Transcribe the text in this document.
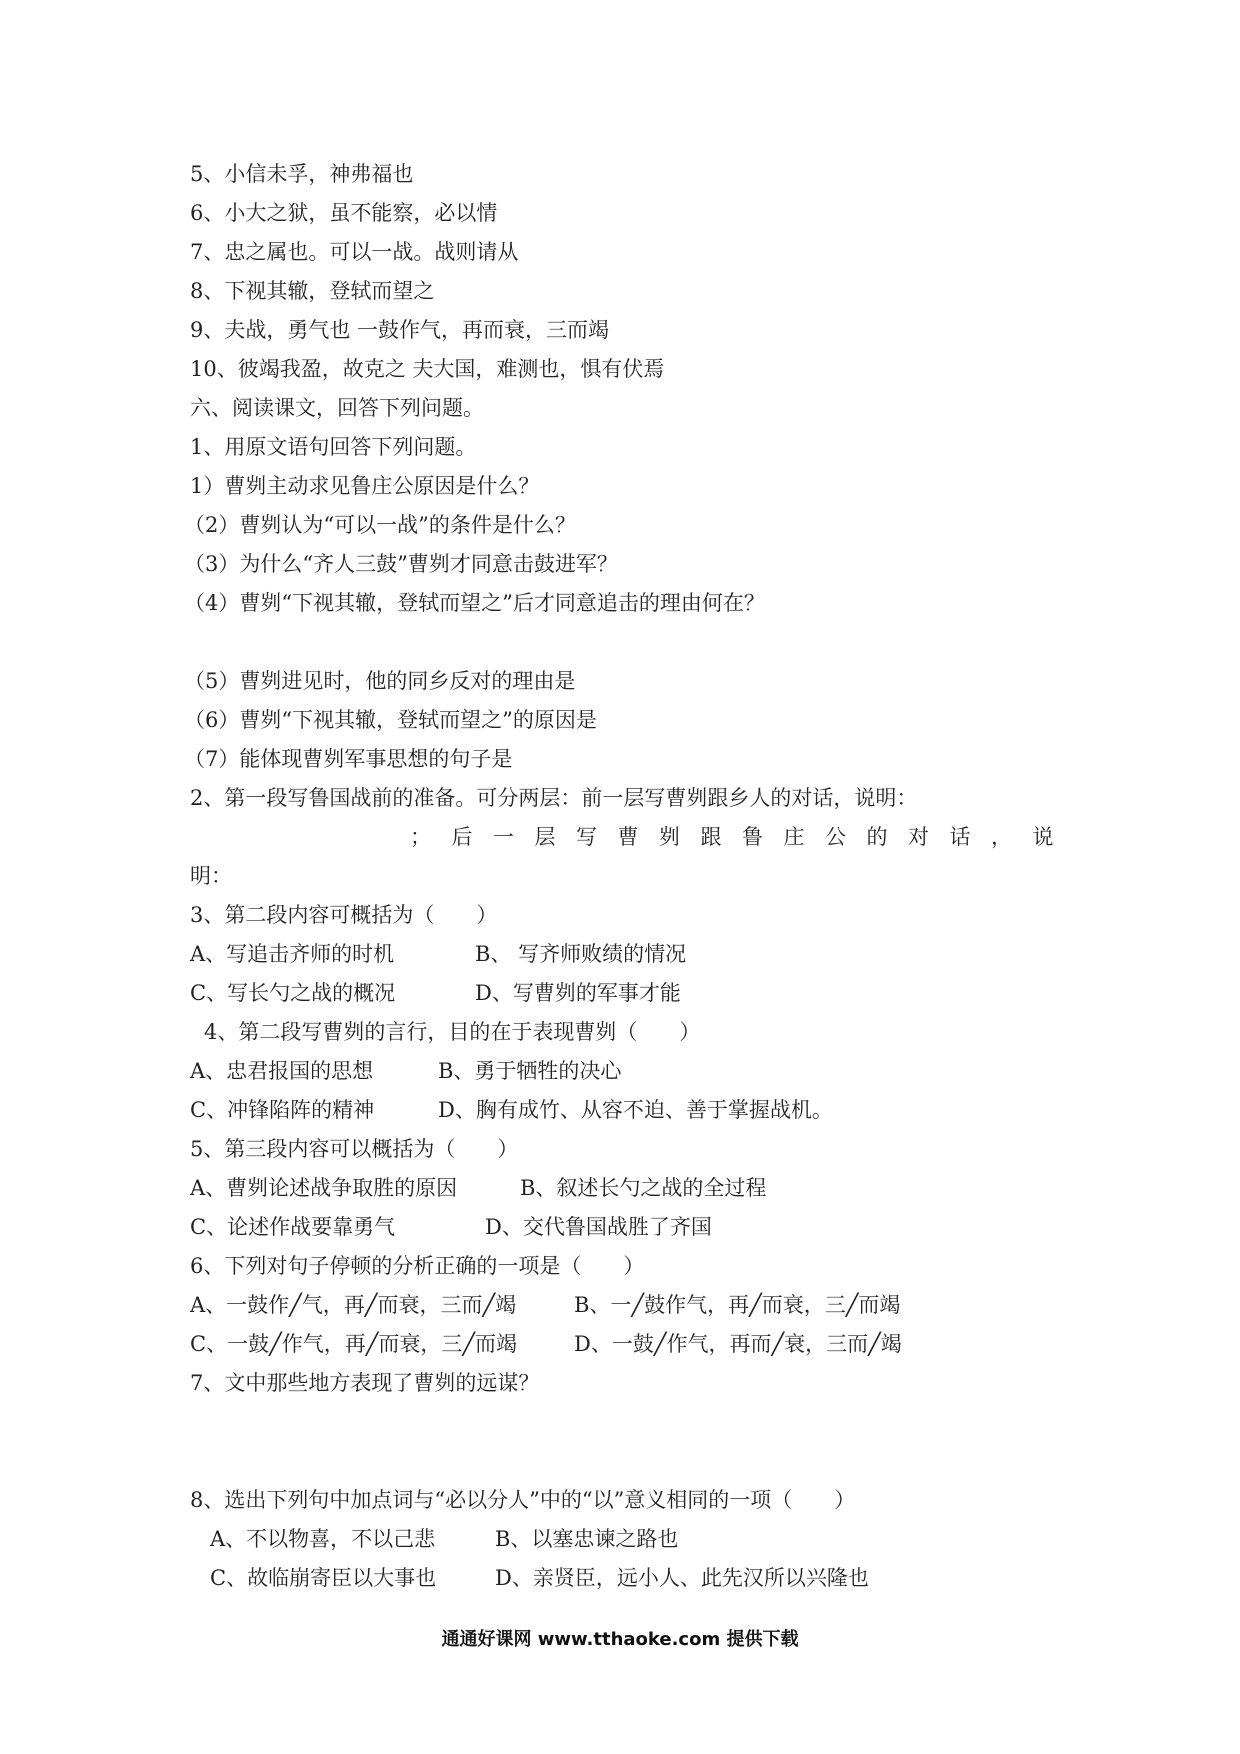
5、小信未孚，神弗福也
6、小大之狱，虽不能察，必以情
7、忠之属也。可以一战。战则请从
8、下视其辙，登轼而望之
9、夫战，勇气也 一鼓作气，再而衰，三而竭
10、彼竭我盈，故克之 夫大国，难测也，惧有伏焉
六、阅读课文，回答下列问题。
1、用原文语句回答下列问题。
1）曹刿主动求见鲁庄公原因是什么？
（2）曹刿认为“可以一战”的条件是什么？
（3）为什么“齐人三鼓”曹刿才同意击鼓进军？
（4）曹刿“下视其辙，登轼而望之”后才同意追击的理由何在？
（5）曹刿进见时，他的同乡反对的理由是
（6）曹刿“下视其辙，登轼而望之”的原因是
（7）能体现曹刿军事思想的句子是
2、第一段写鲁国战前的准备。可分两层：前一层写曹刿跟乡人的对话，说明：
；后一层写曹刿跟鲁庄公的对话，说
明：
3、第二段内容可概括为（　　）
A、写追击齐师的时机	B、 写齐师败绩的情况
C、写长勺之战的概况	D、写曹刿的军事才能
4、第二段写曹刿的言行，目的在于表现曹刿（　　）
A、忠君报国的思想	B、勇于牺牲的决心
C、冲锋陷阵的精神	D、胸有成竹、从容不迫、善于掌握战机。
5、第三段内容可以概括为（　　）
A、曹刿论述战争取胜的原因	B、叙述长勺之战的全过程
C、论述作战要靠勇气	D、交代鲁国战胜了齐国
6、下列对句子停顿的分析正确的一项是（　　）
A、一鼓作╱气，再╱而衰，三而╱竭	B、一╱鼓作气，再╱而衰，三╱而竭
C、一鼓╱作气，再╱而衰，三╱而竭	D、一鼓╱作气，再而╱衰，三而╱竭
7、文中那些地方表现了曹刿的远谋？
8、选出下列句中加点词与“必以分人”中的“以”意义相同的一项（　　）
A、不以物喜，不以己悲	B、以塞忠谏之路也
C、故临崩寄臣以大事也	D、亲贤臣，远小人、此先汉所以兴隆也
通通好课网 www.tthaoke.com 提供下载
